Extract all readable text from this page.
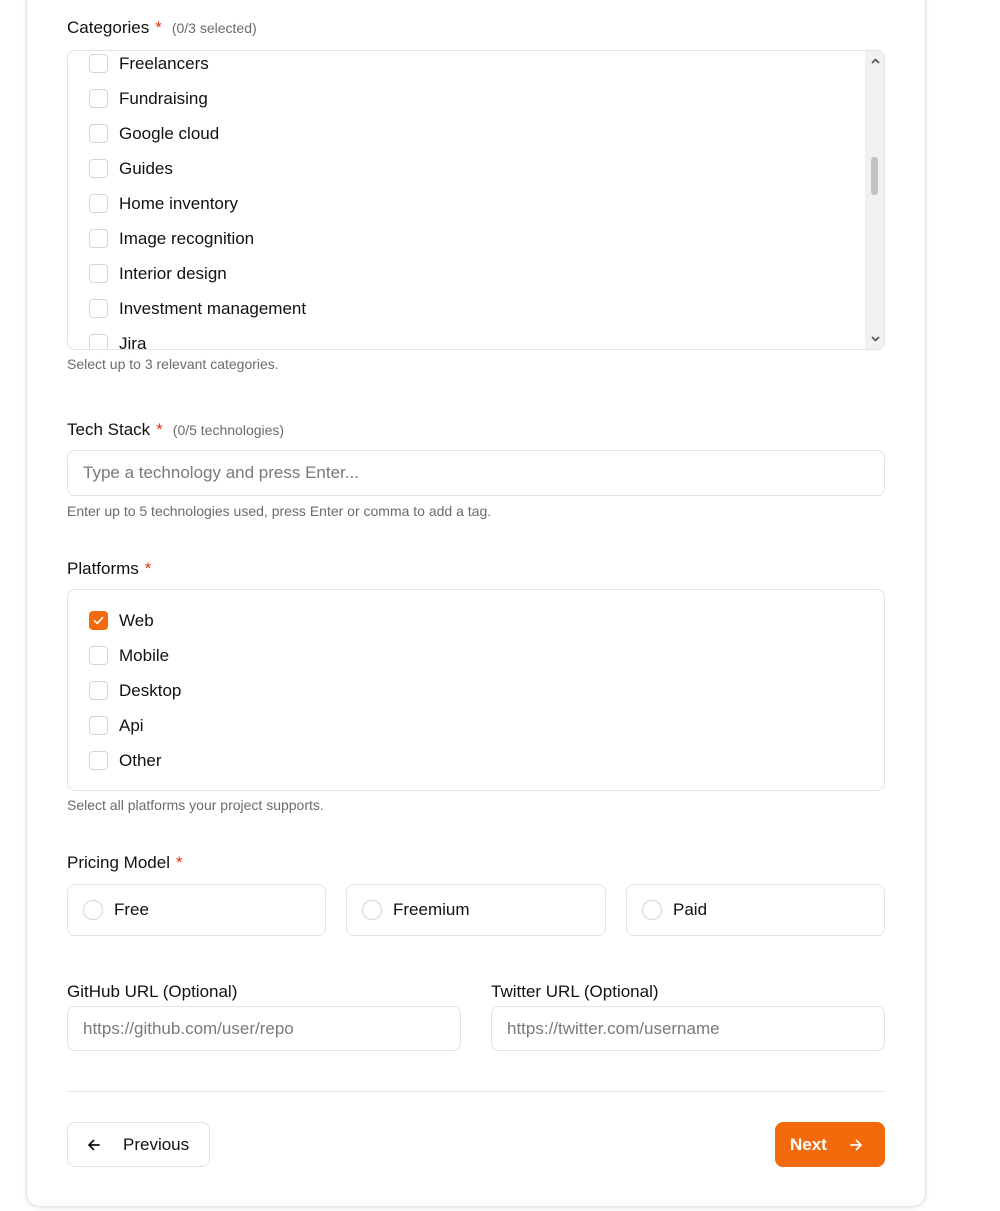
Categories * (0/3 selected)
Freelancers
Fundraising
Google cloud
Guides
Home inventory
Image recognition
Interior design
Investment management
Jira
Select up to 3 relevant categories.
Tech Stack * (0/5 technologies)
Type a technology and press Enter...
Enter up to 5 technologies used, press Enter or comma to add a tag.
Platforms *
Web
Mobile
Desktop
Api
Other
Select all platforms your project supports.
Pricing Model *
Free	Freemium	Paid
GitHub URL (Optional)
https://github.com/user/repo	Twitter URL (Optional)
https://twitter.com/username
Previous	Next
